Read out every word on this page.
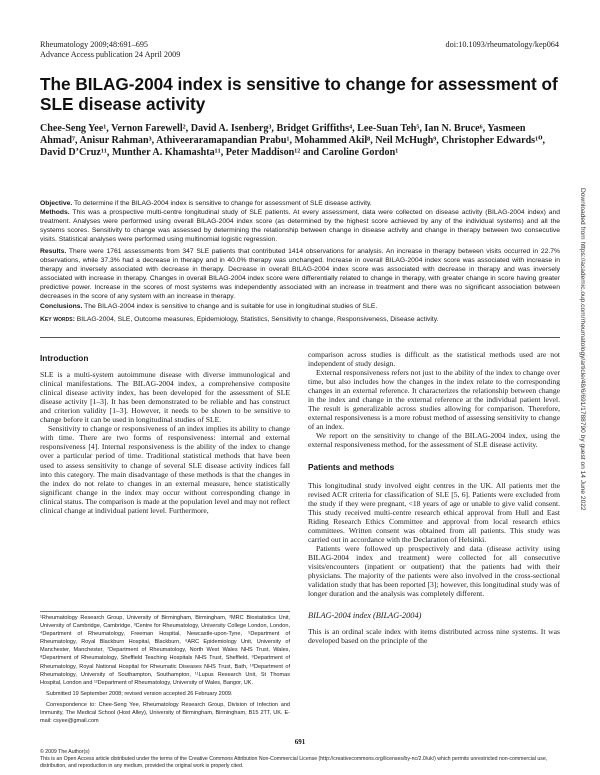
Rheumatology 2009;48:691–695
Advance Access publication 24 April 2009
doi:10.1093/rheumatology/kep064
The BILAG-2004 index is sensitive to change for assessment of SLE disease activity
Chee-Seng Yee¹, Vernon Farewell², David A. Isenberg³, Bridget Griffiths⁴, Lee-Suan Teh⁵, Ian N. Bruce⁶, Yasmeen Ahmad⁷, Anisur Rahman³, Athiveeraramapandian Prabu¹, Mohammed Akil⁸, Neil McHugh⁹, Christopher Edwards¹⁰, David D’Cruz¹¹, Munther A. Khamashta¹¹, Peter Maddison¹² and Caroline Gordon¹

Objective. To determine if the BILAG-2004 index is sensitive to change for assessment of SLE disease activity.

Methods. This was a prospective multi-centre longitudinal study of SLE patients. At every assessment, data were collected on disease activity (BILAG-2004 index) and treatment. Analyses were performed using overall BILAG-2004 index score (as determined by the highest score achieved by any of the individual systems) and all the systems scores. Sensitivity to change was assessed by determining the relationship between change in disease activity and change in therapy between two consecutive visits. Statistical analyses were performed using multinomial logistic regression.

Results. There were 1761 assessments from 347 SLE patients that contributed 1414 observations for analysis. An increase in therapy between visits occurred in 22.7% observations, while 37.3% had a decrease in therapy and in 40.0% therapy was unchanged. Increase in overall BILAG-2004 index score was associated with increase in therapy and inversely associated with decrease in therapy. Decrease in overall BILAG-2004 index score was associated with decrease in therapy and was inversely associated with increase in therapy. Changes in overall BILAG-2004 index score were differentially related to change in therapy, with greater change in score having greater predictive power. Increase in the scores of most systems was independently associated with an increase in treatment and there was no significant association between decreases in the score of any system with an increase in therapy.

Conclusions. The BILAG-2004 index is sensitive to change and is suitable for use in longitudinal studies of SLE.

Key words: BILAG-2004, SLE, Outcome measures, Epidemiology, Statistics, Sensitivity to change, Responsiveness, Disease activity.

Introduction

SLE is a multi-system autoimmune disease with diverse immunological and clinical manifestations. The BILAG-2004 index, a comprehensive composite clinical disease activity index, has been developed for the assessment of SLE disease activity [1–3]. It has been demonstrated to be reliable and has construct and criterion validity [1–3]. However, it needs to be shown to be sensitive to change before it can be used in longitudinal studies of SLE.

Sensitivity to change or responsiveness of an index implies its ability to change with time. There are two forms of responsiveness: internal and external responsiveness [4]. Internal responsiveness is the ability of the index to change over a particular period of time. Traditional statistical methods that have been used to assess sensitivity to change of several SLE disease activity indices fall into this category. The main disadvantage of these methods is that the changes in the index do not relate to changes in an external measure, hence statistically significant change in the index may occur without corresponding change in clinical status. The comparison is made at the population level and may not reflect clinical change at individual patient level. Furthermore,

¹Rheumatology Research Group, University of Birmingham, Birmingham, ²MRC Biostatistics Unit, University of Cambridge, Cambridge, ³Centre for Rheumatology, University College London, London, ⁴Department of Rheumatology, Freeman Hospital, Newcastle-upon-Tyne, ⁵Department of Rheumatology, Royal Blackburn Hospital, Blackburn, ⁶ARC Epidemiology Unit, University of Manchester, Manchester, ⁷Department of Rheumatology, North West Wales NHS Trust, Wales, ⁸Department of Rheumatology, Sheffield Teaching Hospitals NHS Trust, Sheffield, ⁹Department of Rheumatology, Royal National Hospital for Rheumatic Diseases NHS Trust, Bath, ¹⁰Department of Rheumatology, University of Southampton, Southampton, ¹¹Lupus Research Unit, St Thomas Hospital, London and ¹²Department of Rheumatology, University of Wales, Bangor, UK.

Submitted 19 September 2008; revised version accepted 26 February 2009.

Correspondence to: Chee-Seng Yee, Rheumatology Research Group, Division of Infection and Immunity, The Medical School (Host Alley), University of Birmingham, Birmingham, B15 2TT, UK. E-mail: csyee@gmail.com

comparison across studies is difficult as the statistical methods used are not independent of study design.

External responsiveness refers not just to the ability of the index to change over time, but also includes how the changes in the index relate to the corresponding changes in an external reference. It characterizes the relationship between change in the index and change in the external reference at the individual patient level. The result is generalizable across studies allowing for comparison. Therefore, external responsiveness is a more robust method of assessing sensitivity to change of an index.

We report on the sensitivity to change of the BILAG-2004 index, using the external responsiveness method, for the assessment of SLE disease activity.

Patients and methods

This longitudinal study involved eight centres in the UK. All patients met the revised ACR criteria for classification of SLE [5, 6]. Patients were excluded from the study if they were pregnant, <18 years of age or unable to give valid consent. This study received multi-centre research ethical approval from Hull and East Riding Research Ethics Committee and approval from local research ethics committees. Written consent was obtained from all patients. This study was carried out in accordance with the Declaration of Helsinki.

Patients were followed up prospectively and data (disease activity using BILAG-2004 index and treatment) were collected for all consecutive visits/encounters (inpatient or outpatient) that the patients had with their physicians. The majority of the patients were also involved in the cross-sectional validation study that has been reported [3]; however, this longitudinal study was of longer duration and the analysis was completely different.

BILAG-2004 index (BILAG-2004)

This is an ordinal scale index with items distributed across nine systems. It was developed based on the principle of the

691
© 2009 The Author(s)
This is an Open Access article distributed under the terms of the Creative Commons Attribution Non-Commercial License (http://creativecommons.org/licenses/by-nc/2.0/uk/) which permits unrestricted non-commercial use, distribution, and reproduction in any medium, provided the original work is properly cited.
Downloaded from https://academic.oup.com/rheumatology/article/48/6/691/1788790 by guest on 14 June 2022
